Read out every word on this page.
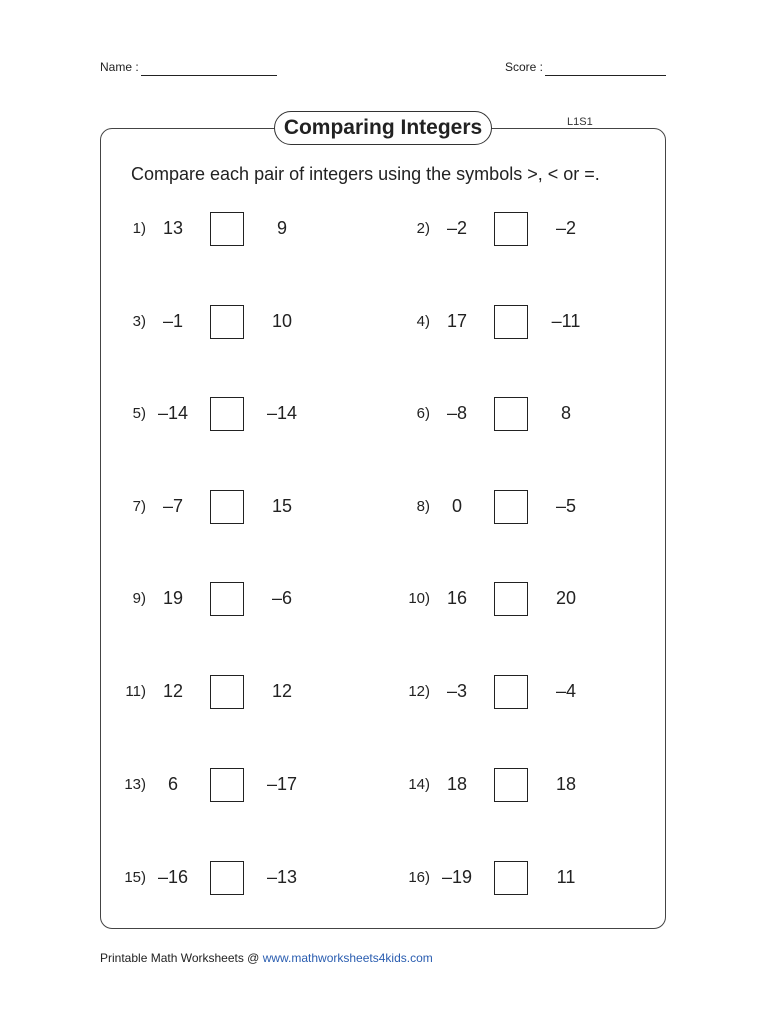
Name :	Score :
Comparing Integers	L1S1
Compare each pair of integers using the symbols >, < or =.
1) 13	9	2) –2	–2
3) –1	10	4) 17	–11
5) –14	–14	6) –8	8
7) –7	15	8)	0	–5
9) 19	–6	10) 16	20
11) 12	12	12) –3	–4
13)	6	–17	14) 18	18
15) –16	–13	16) –19	11
Printable Math Worksheets @ www.mathworksheets4kids.com
